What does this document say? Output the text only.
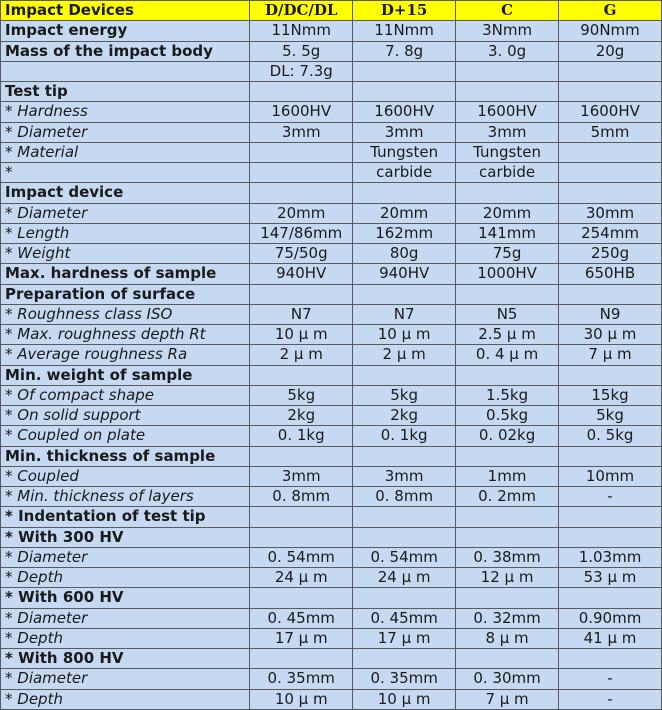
Impact Devices	D/DC/DL	D+15	C	G
Impact energy	11Nmm	11Nmm	3Nmm	90Nmm
Mass of the impact body	5. 5g	7. 8g	3. 0g	20g
	DL: 7.3g			
Test tip				
* Hardness	1600HV	1600HV	1600HV	1600HV
* Diameter	3mm	3mm	3mm	5mm
* Material		Tungsten	Tungsten	
*		carbide	carbide	
Impact device				
* Diameter	20mm	20mm	20mm	30mm
* Length	147/86mm	162mm	141mm	254mm
* Weight	75/50g	80g	75g	250g
Max. hardness of sample	940HV	940HV	1000HV	650HB
Preparation of surface				
* Roughness class ISO	N7	N7	N5	N9
* Max. roughness depth Rt	10 μ m	10 μ m	2.5 μ m	30 μ m
* Average roughness Ra	2 μ m	2 μ m	0. 4 μ m	7 μ m
Min. weight of sample				
* Of compact shape	5kg	5kg	1.5kg	15kg
* On solid support	2kg	2kg	0.5kg	5kg
* Coupled on plate	0. 1kg	0. 1kg	0. 02kg	0. 5kg
Min. thickness of sample				
* Coupled	3mm	3mm	1mm	10mm
* Min. thickness of layers	0. 8mm	0. 8mm	0. 2mm	-
* Indentation of test tip				
* With 300 HV				
* Diameter	0. 54mm	0. 54mm	0. 38mm	1.03mm
* Depth	24 μ m	24 μ m	12 μ m	53 μ m
* With 600 HV				
* Diameter	0. 45mm	0. 45mm	0. 32mm	0.90mm
* Depth	17 μ m	17 μ m	8 μ m	41 μ m
* With 800 HV				
* Diameter	0. 35mm	0. 35mm	0. 30mm	-
* Depth	10 μ m	10 μ m	7 μ m	-
